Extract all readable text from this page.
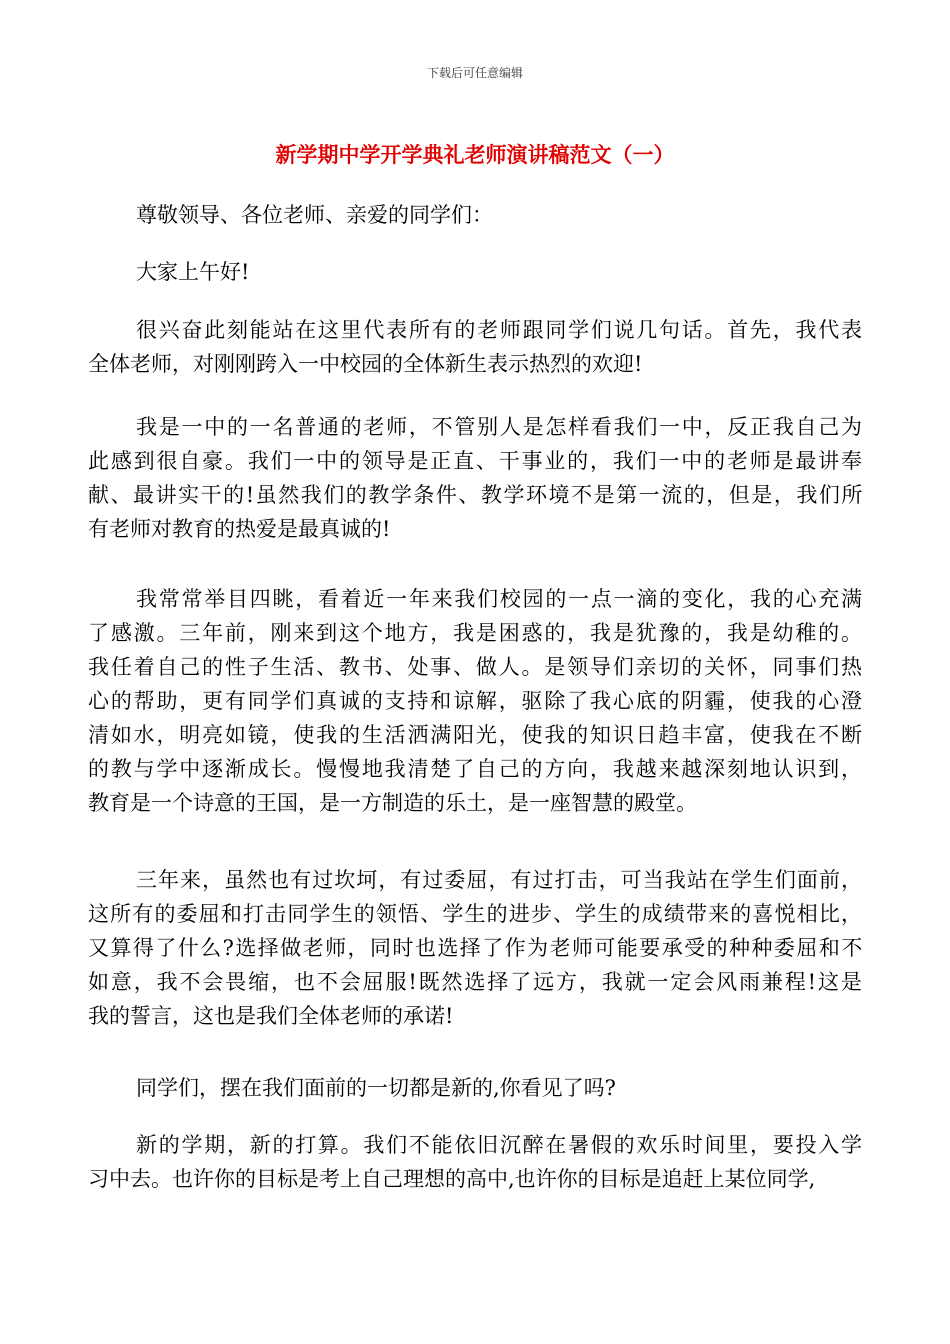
下载后可任意编辑
新学期中学开学典礼老师演讲稿范文（一）
尊敬领导、各位老师、亲爱的同学们：
大家上午好!
很兴奋此刻能站在这里代表所有的老师跟同学们说几句话。首先，我代表
全体老师，对刚刚跨入一中校园的全体新生表示热烈的欢迎!
我是一中的一名普通的老师，不管别人是怎样看我们一中，反正我自己为
此感到很自豪。我们一中的领导是正直、干事业的，我们一中的老师是最讲奉
献、最讲实干的!虽然我们的教学条件、教学环境不是第一流的，但是，我们所
有老师对教育的热爱是最真诚的!
我常常举目四眺，看着近一年来我们校园的一点一滴的变化，我的心充满
了感激。三年前，刚来到这个地方，我是困惑的，我是犹豫的，我是幼稚的。
我任着自己的性子生活、教书、处事、做人。是领导们亲切的关怀，同事们热
心的帮助，更有同学们真诚的支持和谅解，驱除了我心底的阴霾，使我的心澄
清如水，明亮如镜，使我的生活洒满阳光，使我的知识日趋丰富，使我在不断
的教与学中逐渐成长。慢慢地我清楚了自己的方向，我越来越深刻地认识到，
教育是一个诗意的王国，是一方制造的乐土，是一座智慧的殿堂。
三年来，虽然也有过坎坷，有过委屈，有过打击，可当我站在学生们面前，
这所有的委屈和打击同学生的领悟、学生的进步、学生的成绩带来的喜悦相比，
又算得了什么?选择做老师，同时也选择了作为老师可能要承受的种种委屈和不
如意，我不会畏缩，也不会屈服!既然选择了远方，我就一定会风雨兼程!这是
我的誓言，这也是我们全体老师的承诺!
同学们，摆在我们面前的一切都是新的,你看见了吗?
新的学期，新的打算。我们不能依旧沉醉在暑假的欢乐时间里，要投入学
习中去。也许你的目标是考上自己理想的高中,也许你的目标是追赶上某位同学,
